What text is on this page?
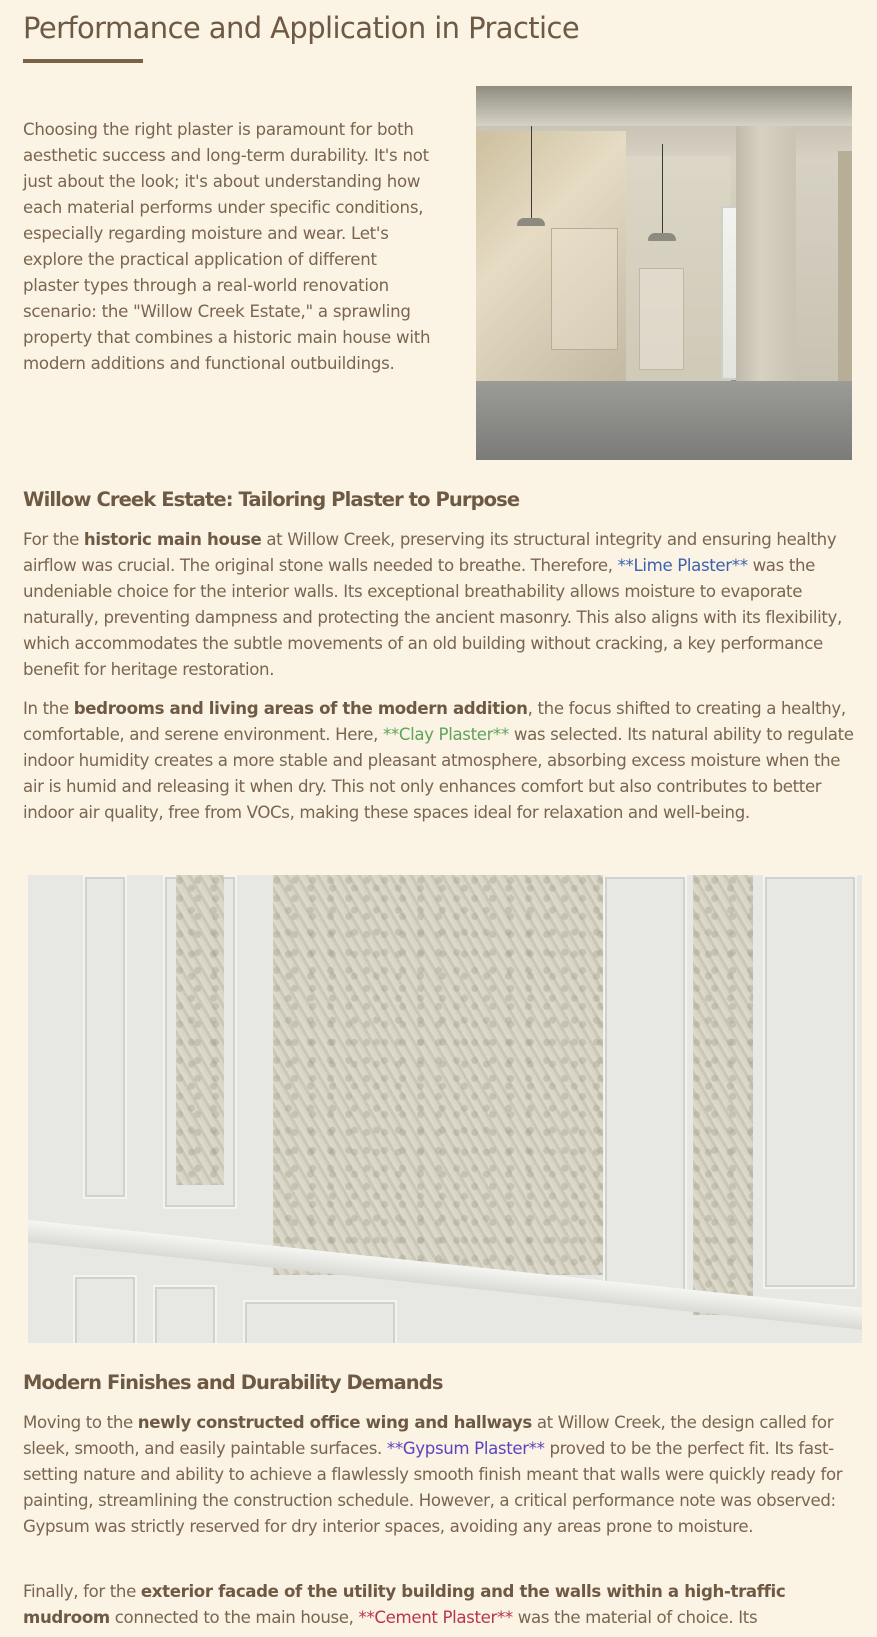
Performance and Application in Practice

Choosing the right plaster is paramount for both aesthetic success and long-term durability. It's not just about the look; it's about understanding how each material performs under specific conditions, especially regarding moisture and wear. Let's explore the practical application of different plaster types through a real-world renovation scenario: the "Willow Creek Estate," a sprawling property that combines a historic main house with modern additions and functional outbuildings.

Willow Creek Estate: Tailoring Plaster to Purpose

For the historic main house at Willow Creek, preserving its structural integrity and ensuring healthy airflow was crucial. The original stone walls needed to breathe. Therefore, **Lime Plaster** was the undeniable choice for the interior walls. Its exceptional breathability allows moisture to evaporate naturally, preventing dampness and protecting the ancient masonry. This also aligns with its flexibility, which accommodates the subtle movements of an old building without cracking, a key performance benefit for heritage restoration.

In the bedrooms and living areas of the modern addition, the focus shifted to creating a healthy, comfortable, and serene environment. Here, **Clay Plaster** was selected. Its natural ability to regulate indoor humidity creates a more stable and pleasant atmosphere, absorbing excess moisture when the air is humid and releasing it when dry. This not only enhances comfort but also contributes to better indoor air quality, free from VOCs, making these spaces ideal for relaxation and well-being.

Modern Finishes and Durability Demands

Moving to the newly constructed office wing and hallways at Willow Creek, the design called for sleek, smooth, and easily paintable surfaces. **Gypsum Plaster** proved to be the perfect fit. Its fast-setting nature and ability to achieve a flawlessly smooth finish meant that walls were quickly ready for painting, streamlining the construction schedule. However, a critical performance note was observed: Gypsum was strictly reserved for dry interior spaces, avoiding any areas prone to moisture.

Finally, for the exterior facade of the utility building and the walls within a high-traffic mudroom connected to the main house, **Cement Plaster** was the material of choice. Its
